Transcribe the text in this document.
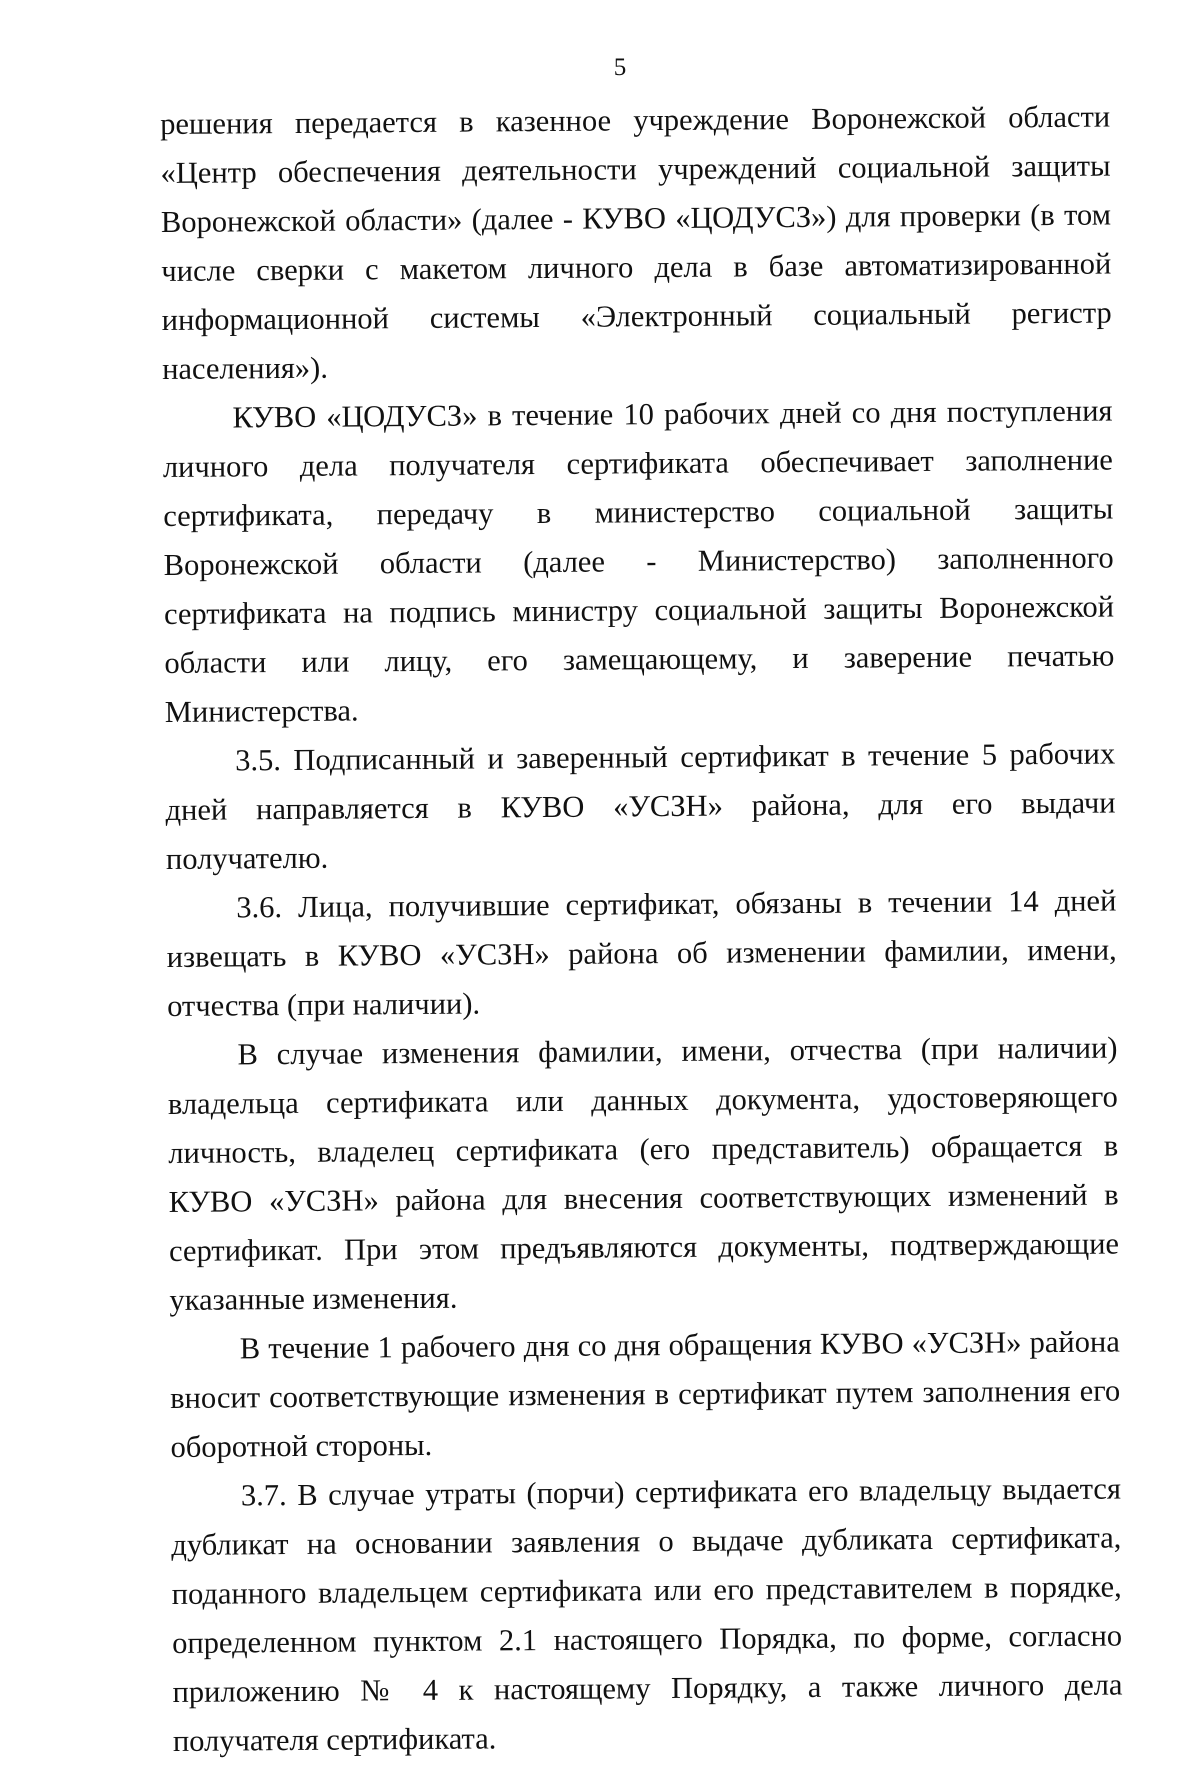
5

решения передается в казенное учреждение Воронежской области «Центр обеспечения деятельности учреждений социальной защиты Воронежской области» (далее - КУВО «ЦОДУСЗ») для проверки (в том числе сверки с макетом личного дела в базе автоматизированной информационной системы «Электронный социальный регистр населения»).

КУВО «ЦОДУСЗ» в течение 10 рабочих дней со дня поступления личного дела получателя сертификата обеспечивает заполнение сертификата, передачу в министерство социальной защиты Воронежской области (далее - Министерство) заполненного сертификата на подпись министру социальной защиты Воронежской области или лицу, его замещающему, и заверение печатью Министерства.

3.5. Подписанный и заверенный сертификат в течение 5 рабочих дней направляется в КУВО «УСЗН» района, для его выдачи получателю.

3.6. Лица, получившие сертификат, обязаны в течении 14 дней извещать в КУВО «УСЗН» района об изменении фамилии, имени, отчества (при наличии).

В случае изменения фамилии, имени, отчества (при наличии) владельца сертификата или данных документа, удостоверяющего личность, владелец сертификата (его представитель) обращается в КУВО «УСЗН» района для внесения соответствующих изменений в сертификат. При этом предъявляются документы, подтверждающие указанные изменения.

В течение 1 рабочего дня со дня обращения КУВО «УСЗН» района вносит соответствующие изменения в сертификат путем заполнения его оборотной стороны.

3.7. В случае утраты (порчи) сертификата его владельцу выдается дубликат на основании заявления о выдаче дубликата сертификата, поданного владельцем сертификата или его представителем в порядке, определенном пунктом 2.1 настоящего Порядка, по форме, согласно приложению № 4 к настоящему Порядку, а также личного дела получателя сертификата.
